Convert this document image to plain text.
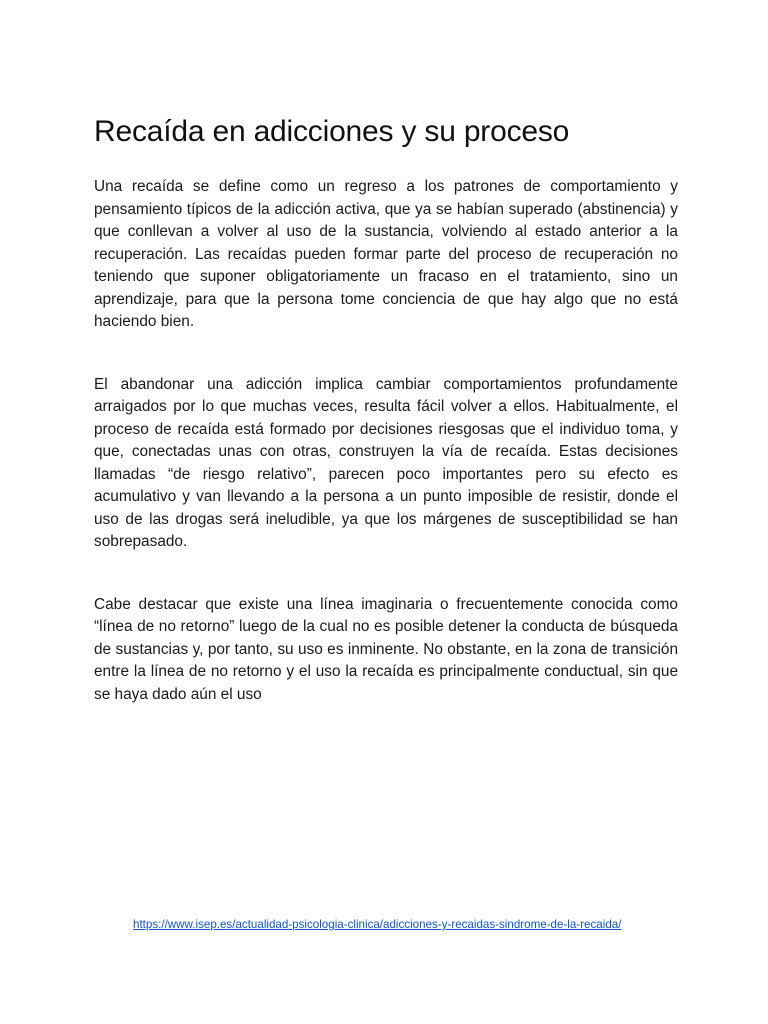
Recaída en adicciones y su proceso

Una recaída se define como un regreso a los patrones de comportamiento y pensamiento típicos de la adicción activa, que ya se habían superado (abstinencia) y que conllevan a volver al uso de la sustancia, volviendo al estado anterior a la recuperación. Las recaídas pueden formar parte del proceso de recuperación no teniendo que suponer obligatoriamente un fracaso en el tratamiento, sino un aprendizaje, para que la persona tome conciencia de que hay algo que no está haciendo bien.

El abandonar una adicción implica cambiar comportamientos profundamente arraigados por lo que muchas veces, resulta fácil volver a ellos. Habitualmente, el proceso de recaída está formado por decisiones riesgosas que el individuo toma, y que, conectadas unas con otras, construyen la vía de recaída. Estas decisiones llamadas “de riesgo relativo”, parecen poco importantes pero su efecto es acumulativo y van llevando a la persona a un punto imposible de resistir, donde el uso de las drogas será ineludible, ya que los márgenes de susceptibilidad se han sobrepasado.

Cabe destacar que existe una línea imaginaria o frecuentemente conocida como “línea de no retorno” luego de la cual no es posible detener la conducta de búsqueda de sustancias y, por tanto, su uso es inminente. No obstante, en la zona de transición entre la línea de no retorno y el uso la recaída es principalmente conductual, sin que se haya dado aún el uso

https://www.isep.es/actualidad-psicologia-clinica/adicciones-y-recaidas-sindrome-de-la-recaida/
